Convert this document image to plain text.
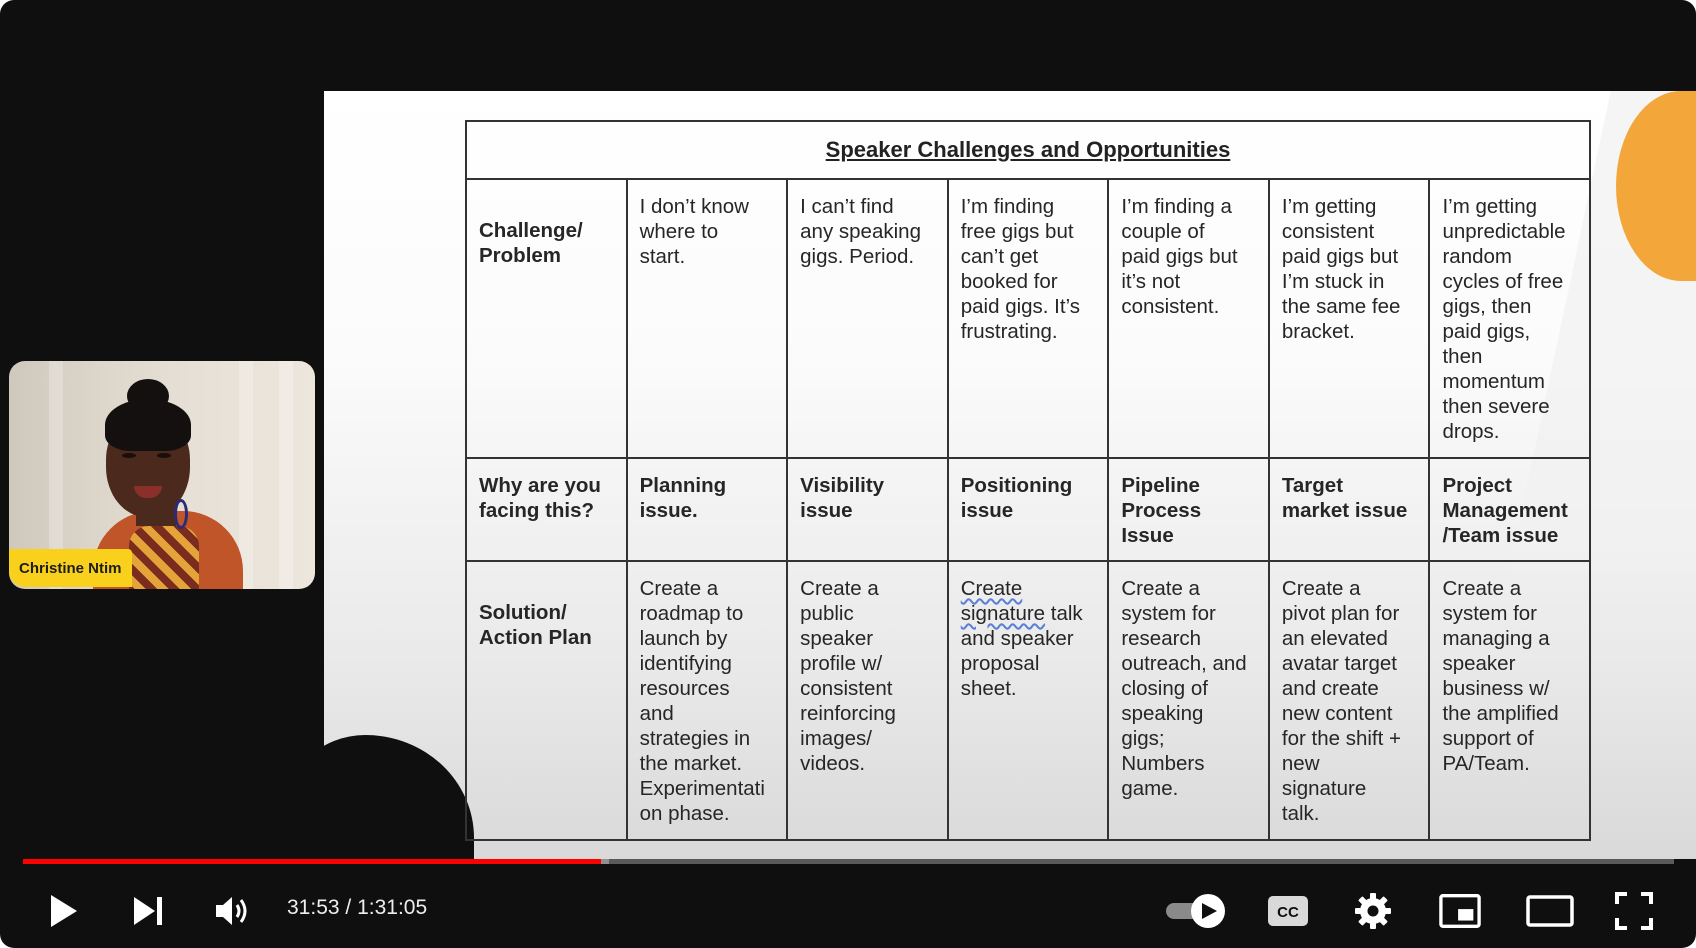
Speaker Challenges and Opportunities
Challenge/
Problem
I don’t know
where to
start.
I can’t find
any speaking
gigs. Period.
I’m finding
free gigs but
can’t get
booked for
paid gigs. It’s
frustrating.
I’m finding a
couple of
paid gigs but
it’s not
consistent.
I’m getting
consistent
paid gigs but
I’m stuck in
the same fee
bracket.
I’m getting
unpredictable
random
cycles of free
gigs, then
paid gigs,
then
momentum
then severe
drops.
Why are you
facing this?
Planning
issue.
Visibility
issue
Positioning
issue
Pipeline
Process
Issue
Target
market issue
Project
Management
/Team issue
Solution/
Action Plan
Create a
roadmap to
launch by
identifying
resources
and
strategies in
the market.
Experimentati
on phase.
Create a
public
speaker
profile w/
consistent
reinforcing
images/
videos.
Create
signature talk
and speaker
proposal
sheet.
Create a
system for
research
outreach, and
closing of
speaking
gigs;
Numbers
game.
Create a
pivot plan for
an elevated
avatar target
and create
new content
for the shift +
new
signature
talk.
Create a
system for
managing a
speaker
business w/
the amplified
support of
PA/Team.
Christine Ntim
31:53 / 1:31:05	CC
